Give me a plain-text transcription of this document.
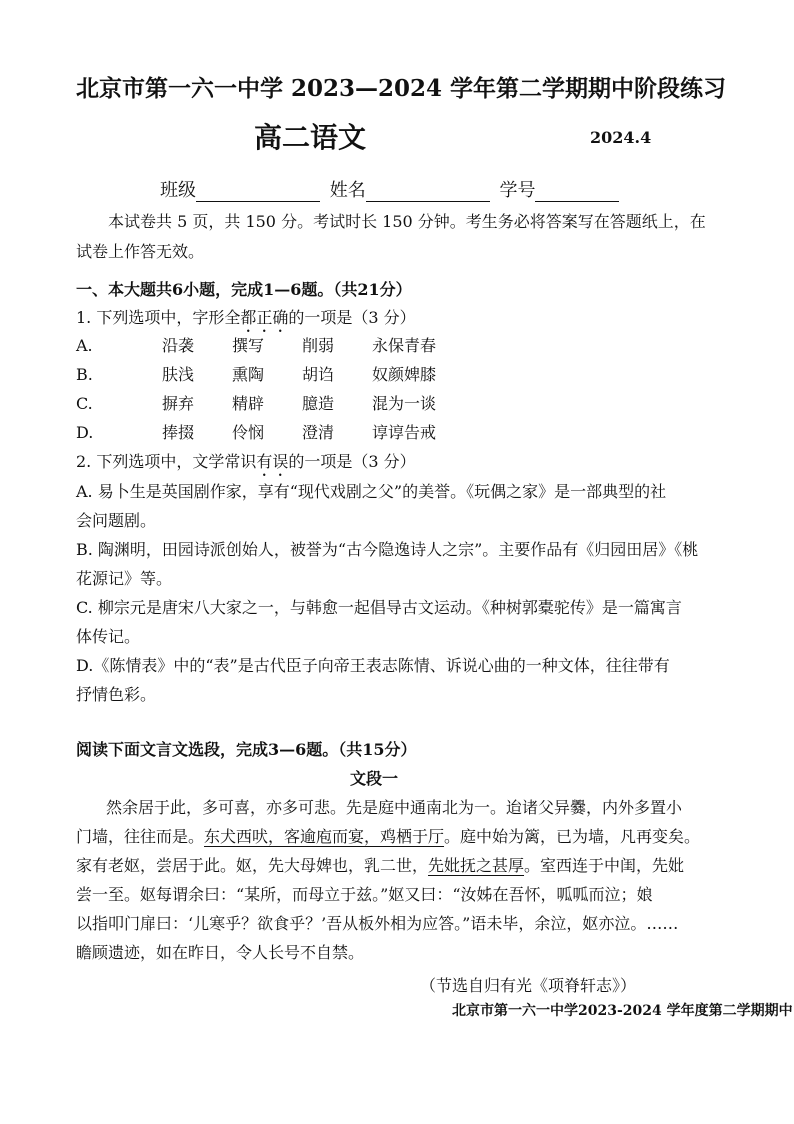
北京市第一六一中学 2023—2024 学年第二学期期中阶段练习
高二语文	2024.4
班级	姓名	学号
本试卷共 5 页，共 150 分。考试时长 150 分钟。考生务必将答案写在答题纸上，在
试卷上作答无效。
一、本大题共6小题，完成1—6题。（共21分）
1. 下列选项中，字形全都正确的一项是（3 分）
A.	沿袭 撰写 削弱 永保青春
B.	肤浅 熏陶 胡诌 奴颜婢膝
C.	摒弃 精辟 臆造 混为一谈
D.	捧掇 伶悯 澄清 谆谆告戒
2. 下列选项中，文学常识有误的一项是（3 分）
A. 易卜生是英国剧作家，享有“现代戏剧之父”的美誉。《玩偶之家》是一部典型的社
会问题剧。
B. 陶渊明，田园诗派创始人，被誉为“古今隐逸诗人之宗”。主要作品有《归园田居》《桃
花源记》等。
C. 柳宗元是唐宋八大家之一，与韩愈一起倡导古文运动。《种树郭橐驼传》是一篇寓言
体传记。
D.《陈情表》中的“表”是古代臣子向帝王表志陈情、诉说心曲的一种文体，往往带有
抒情色彩。
阅读下面文言文选段，完成3—6题。（共15分）
文段一
然余居于此，多可喜，亦多可悲。先是庭中通南北为一。迨诸父异爨，内外多置小
门墙，往往而是。东犬西吠，客逾庖而宴，鸡栖于厅。庭中始为篱，已为墙，凡再变矣。
家有老妪，尝居于此。妪，先大母婢也，乳二世，先妣抚之甚厚。室西连于中闺，先妣
尝一至。妪每谓余曰：“某所，而母立于兹。”妪又曰：“汝姊在吾怀，呱呱而泣；娘
以指叩门扉曰：‘儿寒乎？欲食乎？’吾从板外相为应答。”语未毕，余泣，妪亦泣。……
瞻顾遗迹，如在昨日，令人长号不自禁。
（节选自归有光《项脊轩志》）
北京市第一六一中学2023-2024 学年度第二学期期中
